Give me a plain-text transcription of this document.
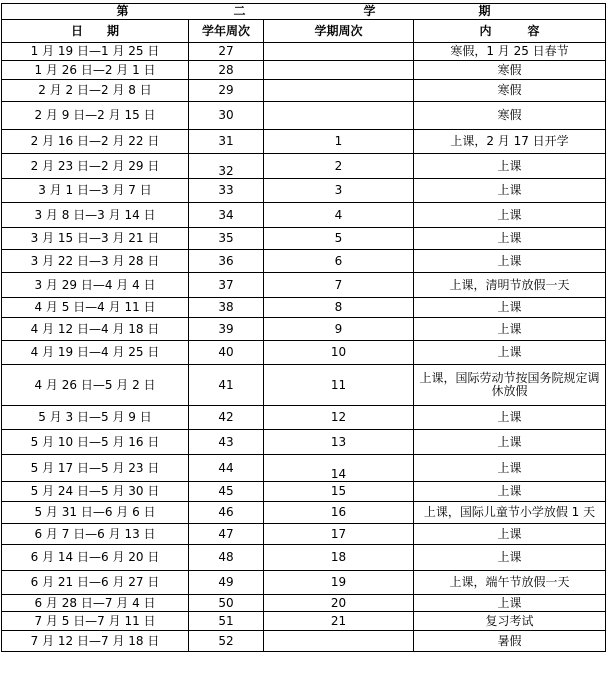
第 二 学 期			
日　　期	学年周次	学期周次	内　　　容
1 月 19 日—1 月 25 日	27		寒假，1 月 25 日春节
1 月 26 日—2 月 1 日	28		寒假
2 月 2 日—2 月 8 日	29		寒假
2 月 9 日—2 月 15 日	30		寒假
2 月 16 日—2 月 22 日	31	1	上课，2 月 17 日开学
2 月 23 日—2 月 29 日	32	2	上课
3 月 1 日—3 月 7 日	33	3	上课
3 月 8 日—3 月 14 日	34	4	上课
3 月 15 日—3 月 21 日	35	5	上课
3 月 22 日—3 月 28 日	36	6	上课
3 月 29 日—4 月 4 日	37	7	上课，清明节放假一天
4 月 5 日—4 月 11 日	38	8	上课
4 月 12 日—4 月 18 日	39	9	上课
4 月 19 日—4 月 25 日	40	10	上课
4 月 26 日—5 月 2 日	41	11	上课，国际劳动节按国务院规定调休放假
5 月 3 日—5 月 9 日	42	12	上课
5 月 10 日—5 月 16 日	43	13	上课
5 月 17 日—5 月 23 日	44	14	上课
5 月 24 日—5 月 30 日	45	15	上课
5 月 31 日—6 月 6 日	46	16	上课，国际儿童节小学放假 1 天
6 月 7 日—6 月 13 日	47	17	上课
6 月 14 日—6 月 20 日	48	18	上课
6 月 21 日—6 月 27 日	49	19	上课，端午节放假一天
6 月 28 日—7 月 4 日	50	20	上课
7 月 5 日—7 月 11 日	51	21	复习考试
7 月 12 日—7 月 18 日	52		暑假
